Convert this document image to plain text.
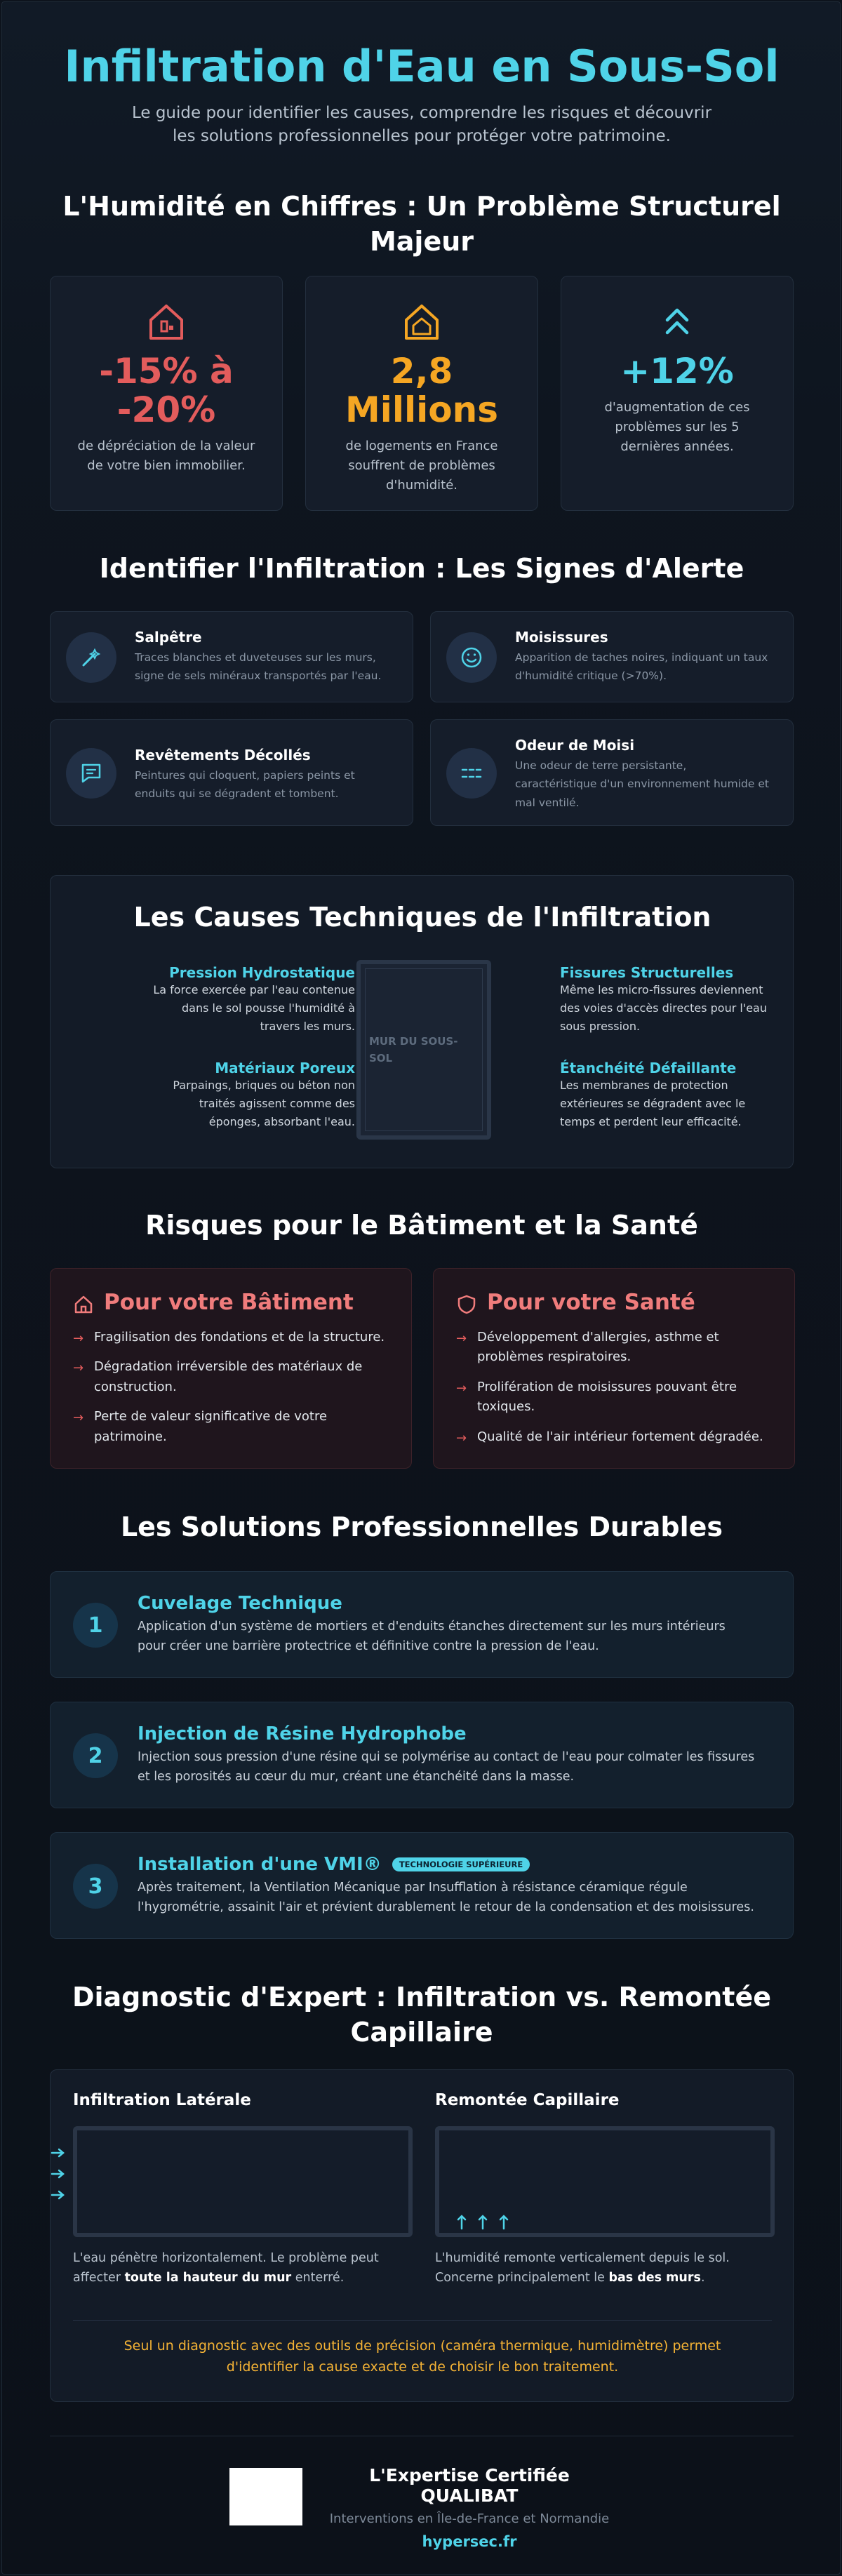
Infiltration d'Eau en Sous-Sol
Le guide pour identifier les causes, comprendre les risques et découvrir
les solutions professionnelles pour protéger votre patrimoine.
L'Humidité en Chiffres : Un Problème Structurel
Majeur
-15% à
-20%
de dépréciation de la valeur
de votre bien immobilier.
2,8
Millions
de logements en France
souffrent de problèmes
d'humidité.
+12%
d'augmentation de ces
problèmes sur les 5
dernières années.
Identifier l'Infiltration : Les Signes d'Alerte
Salpêtre
Traces blanches et duveteuses sur les murs,
signe de sels minéraux transportés par l'eau.
Moisissures
Apparition de taches noires, indiquant un taux
d'humidité critique (>70%).
Revêtements Décollés
Peintures qui cloquent, papiers peints et
enduits qui se dégradent et tombent.
Odeur de Moisi
Une odeur de terre persistante,
caractéristique d'un environnement humide et
mal ventilé.
Les Causes Techniques de l'Infiltration
Pression Hydrostatique
La force exercée par l'eau contenue
dans le sol pousse l'humidité à
travers les murs.
Matériaux Poreux
Parpaings, briques ou béton non
traités agissent comme des
éponges, absorbant l'eau.
MUR DU SOUS-
SOL
Fissures Structurelles
Même les micro-fissures deviennent
des voies d'accès directes pour l'eau
sous pression.
Étanchéité Défaillante
Les membranes de protection
extérieures se dégradent avec le
temps et perdent leur efficacité.
Risques pour le Bâtiment et la Santé
Pour votre Bâtiment
→ Fragilisation des fondations et de la structure.
→ Dégradation irréversible des matériaux de
construction.
→ Perte de valeur significative de votre
patrimoine.
Pour votre Santé
→ Développement d'allergies, asthme et
problèmes respiratoires.
→ Prolifération de moisissures pouvant être
toxiques.
→ Qualité de l'air intérieur fortement dégradée.
Les Solutions Professionnelles Durables
1
Cuvelage Technique
Application d'un système de mortiers et d'enduits étanches directement sur les murs intérieurs
pour créer une barrière protectrice et définitive contre la pression de l'eau.
2
Injection de Résine Hydrophobe
Injection sous pression d'une résine qui se polymérise au contact de l'eau pour colmater les fissures
et les porosités au cœur du mur, créant une étanchéité dans la masse.
3
Installation d'une VMI® TECHNOLOGIE SUPÉRIEURE
Après traitement, la Ventilation Mécanique par Insufflation à résistance céramique régule
l'hygrométrie, assainit l'air et prévient durablement le retour de la condensation et des moisissures.
Diagnostic d'Expert : Infiltration vs. Remontée
Capillaire
Infiltration Latérale
L'eau pénètre horizontalement. Le problème peut
affecter toute la hauteur du mur enterré.
Remontée Capillaire
L'humidité remonte verticalement depuis le sol.
Concerne principalement le bas des murs.
Seul un diagnostic avec des outils de précision (caméra thermique, humidimètre) permet
d'identifier la cause exacte et de choisir le bon traitement.
L'Expertise Certifiée QUALIBAT
Interventions en Île-de-France et Normandie
hypersec.fr
